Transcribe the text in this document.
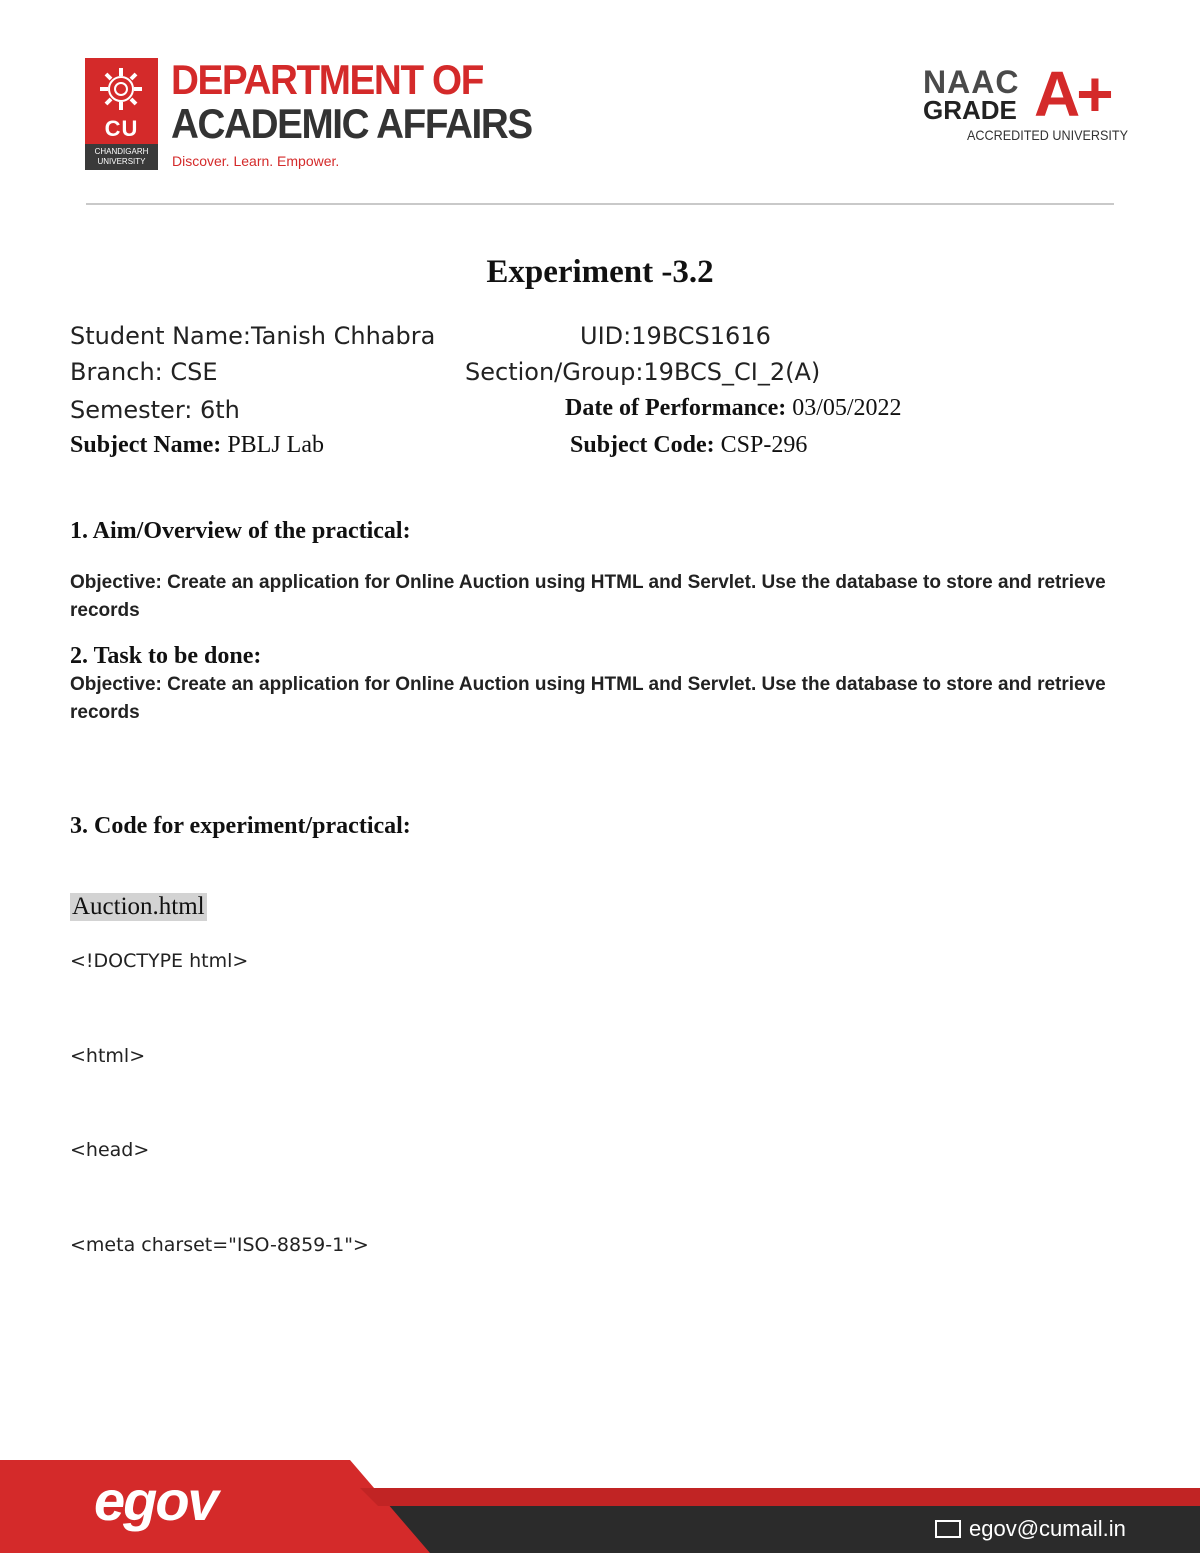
CU
CHANDIGARH UNIVERSITY
DEPARTMENT OF
ACADEMIC AFFAIRS
Discover. Learn. Empower.
NAAC
GRADE A+
ACCREDITED UNIVERSITY
Experiment -3.2
Student Name:Tanish Chhabra	UID:19BCS1616
Branch: CSE	Section/Group:19BCS_CI_2(A)
Semester: 6th	Date of Performance: 03/05/2022
Subject Name: PBLJ Lab	Subject Code: CSP-296
1. Aim/Overview of the practical:
Objective: Create an application for Online Auction using HTML and Servlet. Use the database to store and retrieve records
2. Task to be done:
Objective: Create an application for Online Auction using HTML and Servlet. Use the database to store and retrieve records
3. Code for experiment/practical:
Auction.html
<!DOCTYPE html>
<html>
<head>
<meta charset="ISO-8859-1">
egov	egov@cumail.in
